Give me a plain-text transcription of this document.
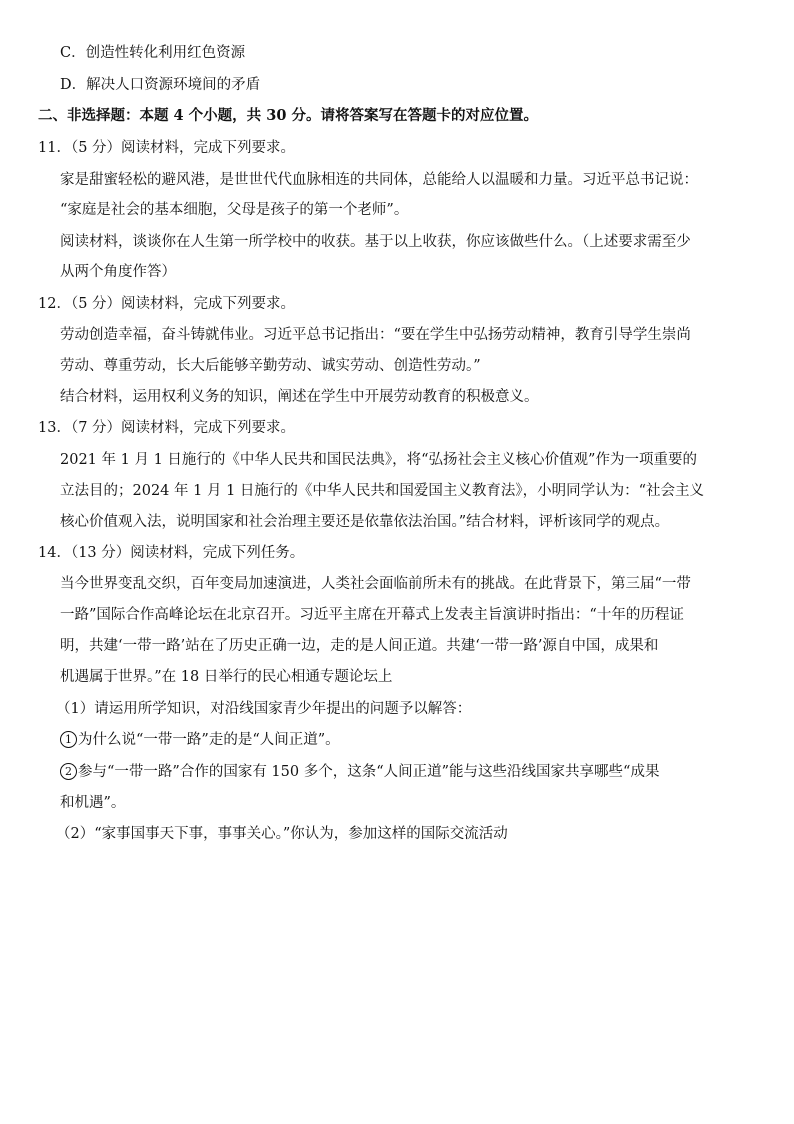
C．创造性转化利用红色资源
D．解决人口资源环境间的矛盾
二、非选择题：本题 4 个小题，共 30 分。请将答案写在答题卡的对应位置。
11．（5 分）阅读材料，完成下列要求。
家是甜蜜轻松的避风港，是世世代代血脉相连的共同体，总能给人以温暖和力量。习近平总书记说：
“家庭是社会的基本细胞，父母是孩子的第一个老师”。
阅读材料，谈谈你在人生第一所学校中的收获。基于以上收获，你应该做些什么。（上述要求需至少
从两个角度作答）
12．（5 分）阅读材料，完成下列要求。
劳动创造幸福，奋斗铸就伟业。习近平总书记指出：“要在学生中弘扬劳动精神，教育引导学生崇尚
劳动、尊重劳动，长大后能够辛勤劳动、诚实劳动、创造性劳动。”
结合材料，运用权利义务的知识，阐述在学生中开展劳动教育的积极意义。
13．（7 分）阅读材料，完成下列要求。
2021 年 1 月 1 日施行的《中华人民共和国民法典》，将“弘扬社会主义核心价值观”作为一项重要的
立法目的；2024 年 1 月 1 日施行的《中华人民共和国爱国主义教育法》，小明同学认为：“社会主义
核心价值观入法，说明国家和社会治理主要还是依靠依法治国。”结合材料，评析该同学的观点。
14．（13 分）阅读材料，完成下列任务。
当今世界变乱交织，百年变局加速演进，人类社会面临前所未有的挑战。在此背景下，第三届“一带
一路”国际合作高峰论坛在北京召开。习近平主席在开幕式上发表主旨演讲时指出：“十年的历程证
明，共建‘一带一路’站在了历史正确一边，走的是人间正道。共建‘一带一路’源自中国，成果和
机遇属于世界。”在 18 日举行的民心相通专题论坛上
（1）请运用所学知识，对沿线国家青少年提出的问题予以解答：
1 为什么说“一带一路”走的是“人间正道”。
2 参与“一带一路”合作的国家有 150 多个，这条“人间正道”能与这些沿线国家共享哪些“成果
和机遇”。
（2）“家事国事天下事，事事关心。”你认为，参加这样的国际交流活动
